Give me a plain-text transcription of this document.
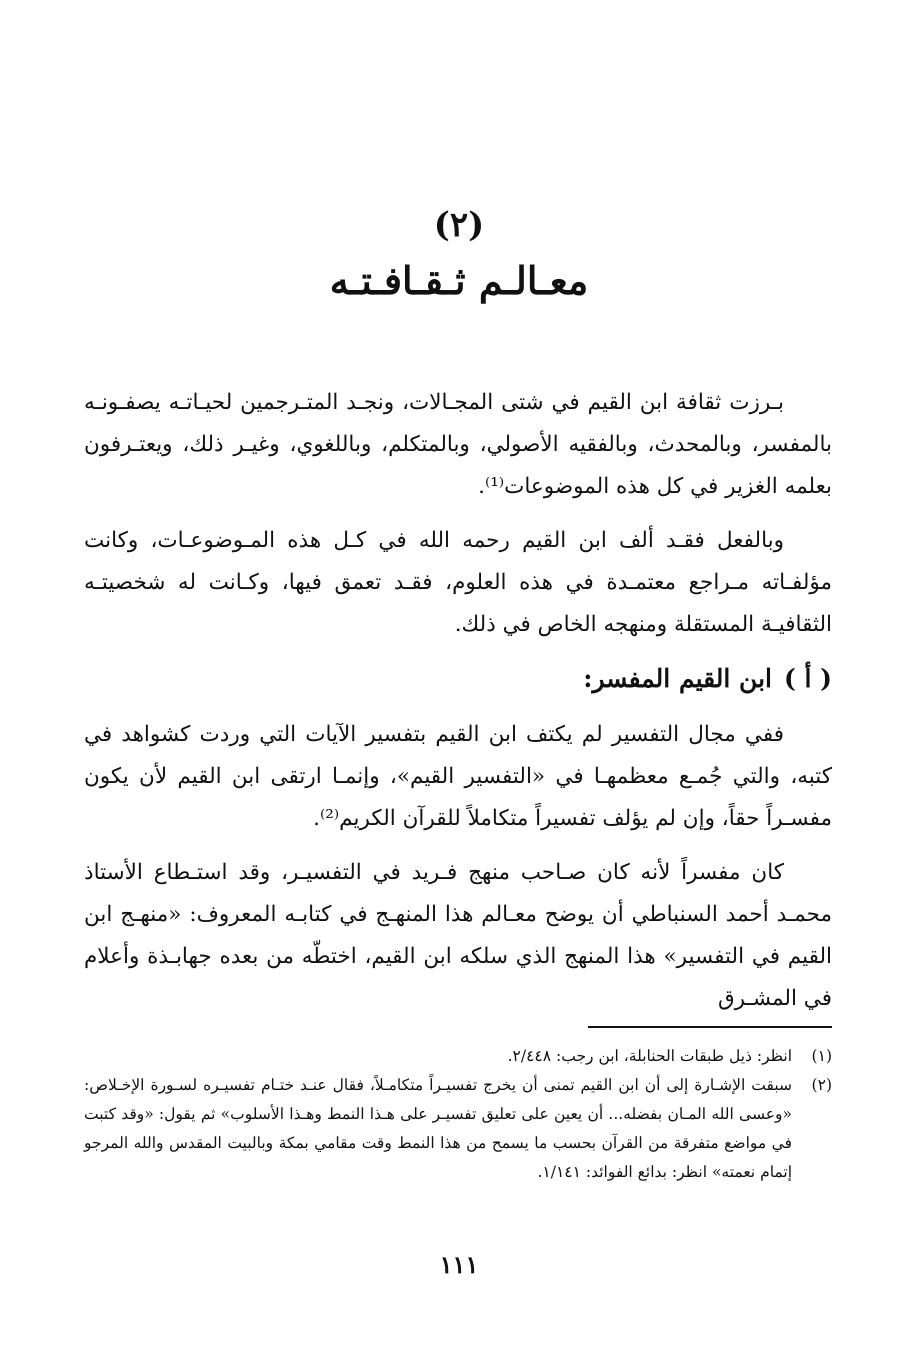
(٢)
معـالـم ثـقـافـتـه

بـرزت ثقافة ابن القيم في شتى المجـالات، ونجـد المتـرجمين لحيـاتـه يصفـونـه بالمفسر، وبالمحدث، وبالفقيه الأصولي، وبالمتكلم، وباللغوي، وغيـر ذلك، ويعتـرفون بعلمه الغزير في كل هذه الموضوعات⁽¹⁾.

وبالفعل فقـد ألف ابن القيم رحمه الله في كـل هذه المـوضوعـات، وكانت مؤلفـاته مـراجع معتمـدة في هذه العلوم، فقـد تعمق فيها، وكـانت له شخصيتـه الثقافيـة المستقلة ومنهجه الخاص في ذلك.

( أ )ابن القيم المفسر:

ففي مجال التفسير لم يكتف ابن القيم بتفسير الآيات التي وردت كشواهد في كتبه، والتي جُمـع معظمهـا في «التفسير القيم»، وإنمـا ارتقى ابن القيم لأن يكون مفسـراً حقاً، وإن لم يؤلف تفسيراً متكاملاً للقرآن الكريم⁽²⁾.

كان مفسراً لأنه كان صـاحب منهج فـريد في التفسيـر، وقد استـطاع الأستاذ محمـد أحمد السنباطي أن يوضح معـالم هذا المنهـج في كتابـه المعروف: «منهـج ابن القيم في التفسير» هذا المنهج الذي سلكه ابن القيم، اختطّه من بعده جهابـذة وأعلام في المشـرق

(١)
انظر: ذيل طبقات الحنابلة، ابن رجب: ٢/٤٤٨.
(٢)
سبقت الإشـارة إلى أن ابن القيم تمنى أن يخرج تفسيـراً متكامـلاً، فقال عنـد ختـام تفسيـره لسـورة الإخـلاص: «وعسى الله المـان بفضله... أن يعين على تعليق تفسيـر على هـذا النمط وهـذا الأسلوب» ثم يقول: «وقد كتبت في مواضع متفرقة من القرآن بحسب ما يسمح من هذا النمط وقت مقامي بمكة وبالبيت المقدس والله المرجو إتمام نعمته» انظر: بدائع الفوائد: ١/١٤١.
١١١
